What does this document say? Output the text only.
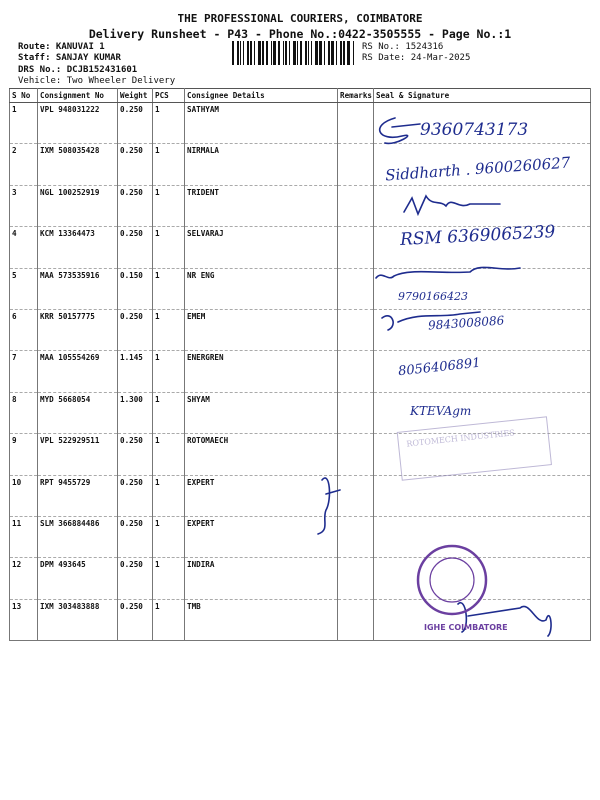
THE PROFESSIONAL COURIERS, COIMBATORE
Delivery Runsheet - P43 - Phone No.:0422-3505555 - Page No.:1
Route: KANUVAI 1
Staff: SANJAY KUMAR
DRS No.: DCJB152431601
Vehicle: Two Wheeler Delivery
RS No.: 1524316
RS Date: 24-Mar-2025
S No	Consignment No	Weight	PCS	Consignee Details	Remarks	Seal & Signature
1	VPL 948031222	0.250	1	SATHYAM		
2	IXM 508035428	0.250	1	NIRMALA		
3	NGL 100252919	0.250	1	TRIDENT		
4	KCM 13364473	0.250	1	SELVARAJ		
5	MAA 573535916	0.150	1	NR ENG		
6	KRR 50157775	0.250	1	EMEM		
7	MAA 105554269	1.145	1	ENERGREN		
8	MYD 5668054	1.300	1	SHYAM		
9	VPL 522929511	0.250	1	ROTOMAECH		
10	RPT 9455729	0.250	1	EXPERT		
11	SLM 366884486	0.250	1	EXPERT		
12	DPM 493645	0.250	1	INDIRA		
13	IXM 303483888	0.250	1	TMB		
9360743173
Siddharth . 9600260627
RSM 6369065239
9790166423
9843008086
8056406891
KTEVAgm
ROTOMECH INDUSTRIES
IGHE COIMBATORE
